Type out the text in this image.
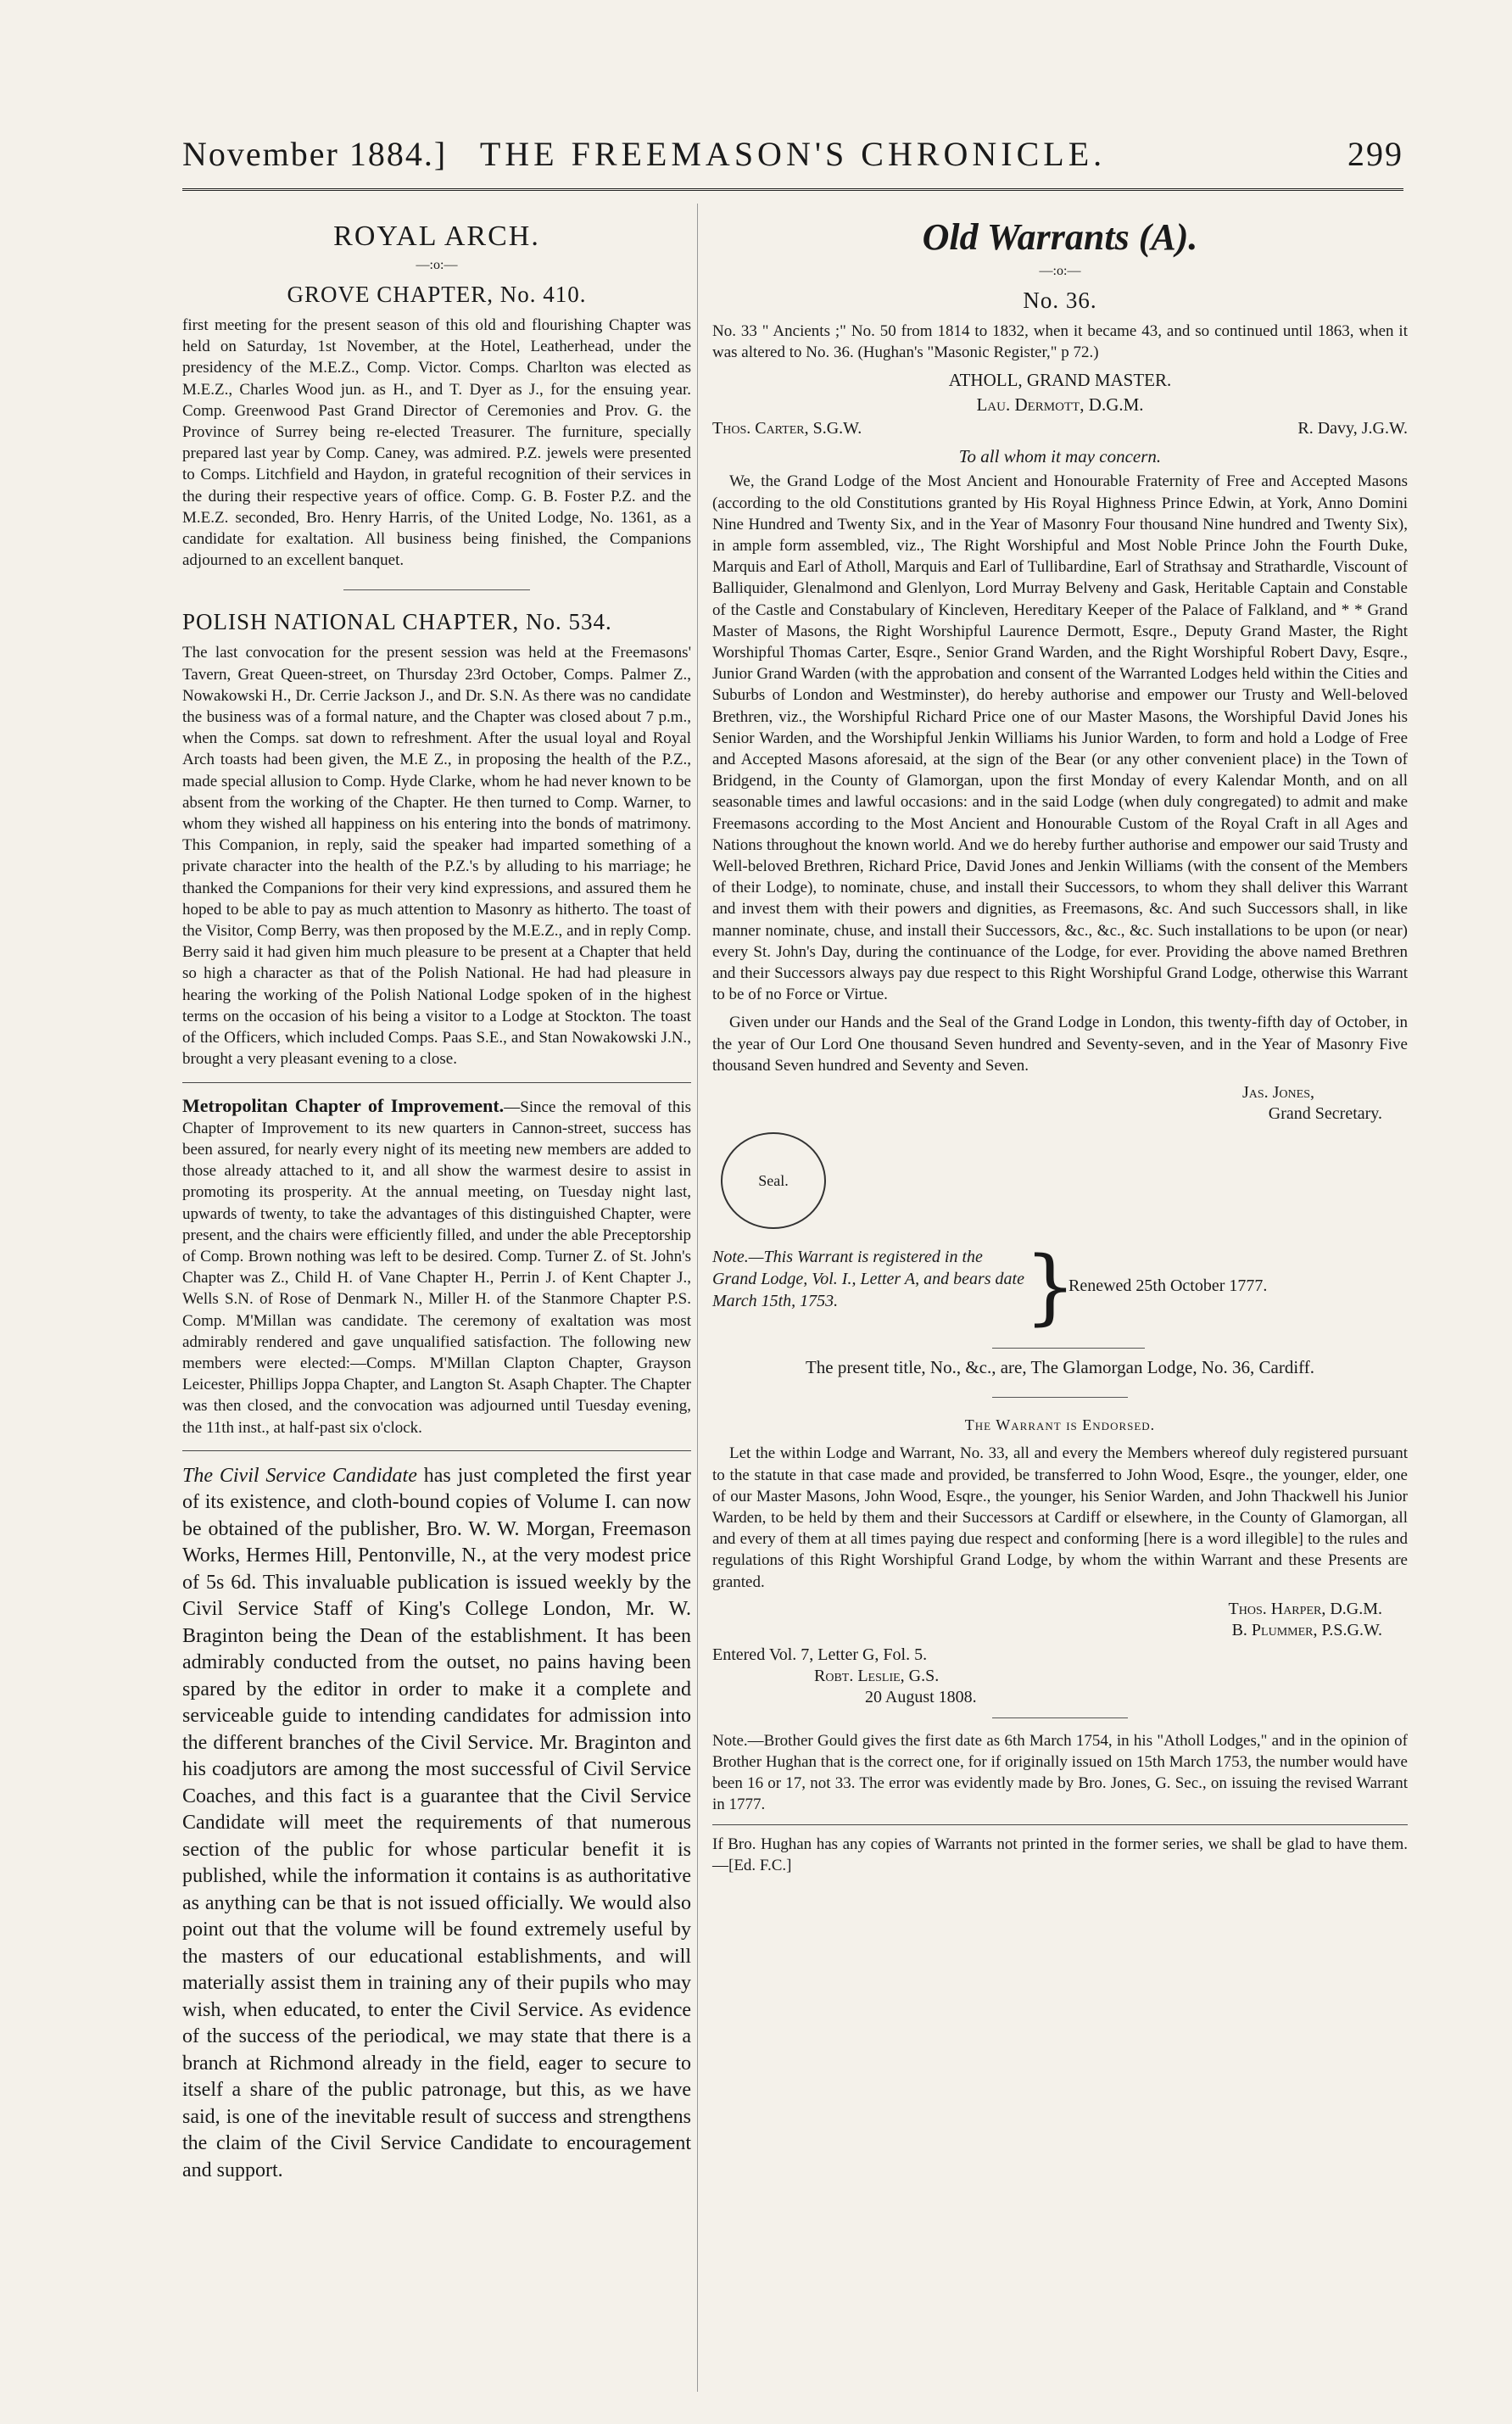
November 1884.] THE FREEMASON'S CHRONICLE.	299
ROYAL ARCH.
—:o:—
GROVE CHAPTER, No. 410.

first meeting for the present season of this old and flourishing Chapter was held on Saturday, 1st November, at the Hotel, Leatherhead, under the presidency of the M.E.Z., Comp. Victor. Comps. Charlton was elected as M.E.Z., Charles Wood jun. as H., and T. Dyer as J., for the ensuing year. Comp. Greenwood Past Grand Director of Ceremonies and Prov. G. the Province of Surrey being re-elected Treasurer. The furniture, specially prepared last year by Comp. Caney, was admired. P.Z. jewels were presented to Comps. Litchfield and Haydon, in grateful recognition of their services in the during their respective years of office. Comp. G. B. Foster P.Z. and the M.E.Z. seconded, Bro. Henry Harris, of the United Lodge, No. 1361, as a candidate for exaltation. All business being finished, the Companions adjourned to an excellent banquet.

POLISH NATIONAL CHAPTER, No. 534.

The last convocation for the present session was held at the Freemasons' Tavern, Great Queen-street, on Thursday 23rd October, Comps. Palmer Z., Nowakowski H., Dr. Cerrie Jackson J., and Dr. S.N. As there was no candidate the business was of a formal nature, and the Chapter was closed about 7 p.m., when the Comps. sat down to refreshment. After the usual loyal and Royal Arch toasts had been given, the M.E Z., in proposing the health of the P.Z., made special allusion to Comp. Hyde Clarke, whom he had never known to be absent from the working of the Chapter. He then turned to Comp. Warner, to whom they wished all happiness on his entering into the bonds of matrimony. This Companion, in reply, said the speaker had imparted something of a private character into the health of the P.Z.'s by alluding to his marriage; he thanked the Companions for their very kind expressions, and assured them he hoped to be able to pay as much attention to Masonry as hitherto. The toast of the Visitor, Comp Berry, was then proposed by the M.E.Z., and in reply Comp. Berry said it had given him much pleasure to be present at a Chapter that held so high a character as that of the Polish National. He had had pleasure in hearing the working of the Polish National Lodge spoken of in the highest terms on the occasion of his being a visitor to a Lodge at Stockton. The toast of the Officers, which included Comps. Paas S.E., and Stan Nowakowski J.N., brought a very pleasant evening to a close.

Metropolitan Chapter of Improvement.—Since the removal of this Chapter of Improvement to its new quarters in Cannon-street, success has been assured, for nearly every night of its meeting new members are added to those already attached to it, and all show the warmest desire to assist in promoting its prosperity. At the annual meeting, on Tuesday night last, upwards of twenty, to take the advantages of this distinguished Chapter, were present, and the chairs were efficiently filled, and under the able Preceptorship of Comp. Brown nothing was left to be desired. Comp. Turner Z. of St. John's Chapter was Z., Child H. of Vane Chapter H., Perrin J. of Kent Chapter J., Wells S.N. of Rose of Denmark N., Miller H. of the Stanmore Chapter P.S. Comp. M'Millan was candidate. The ceremony of exaltation was most admirably rendered and gave unqualified satisfaction. The following new members were elected:—Comps. M'Millan Clapton Chapter, Grayson Leicester, Phillips Joppa Chapter, and Langton St. Asaph Chapter. The Chapter was then closed, and the convocation was adjourned until Tuesday evening, the 11th inst., at half-past six o'clock.

The Civil Service Candidate has just completed the first year of its existence, and cloth-bound copies of Volume I. can now be obtained of the publisher, Bro. W. W. Morgan, Freemason Works, Hermes Hill, Pentonville, N., at the very modest price of 5s 6d. This invaluable publication is issued weekly by the Civil Service Staff of King's College London, Mr. W. Braginton being the Dean of the establishment. It has been admirably conducted from the outset, no pains having been spared by the editor in order to make it a complete and serviceable guide to intending candidates for admission into the different branches of the Civil Service. Mr. Braginton and his coadjutors are among the most successful of Civil Service Coaches, and this fact is a guarantee that the Civil Service Candidate will meet the requirements of that numerous section of the public for whose particular benefit it is published, while the information it contains is as authoritative as anything can be that is not issued officially. We would also point out that the volume will be found extremely useful by the masters of our educational establishments, and will materially assist them in training any of their pupils who may wish, when educated, to enter the Civil Service. As evidence of the success of the periodical, we may state that there is a branch at Richmond already in the field, eager to secure to itself a share of the public patronage, but this, as we have said, is one of the inevitable result of success and strengthens the claim of the Civil Service Candidate to encouragement and support.

Old Warrants (A).
—:o:—
No. 36.

No. 33 " Ancients ;" No. 50 from 1814 to 1832, when it became 43, and so continued until 1863, when it was altered to No. 36. (Hughan's "Masonic Register," p 72.)

ATHOLL, GRAND MASTER.
Lau. Dermott, D.G.M.
Thos. Carter, S.G.W.	R. Davy, J.G.W.
To all whom it may concern.

We, the Grand Lodge of the Most Ancient and Honourable Fraternity of Free and Accepted Masons (according to the old Constitutions granted by His Royal Highness Prince Edwin, at York, Anno Domini Nine Hundred and Twenty Six, and in the Year of Masonry Four thousand Nine hundred and Twenty Six), in ample form assembled, viz., The Right Worshipful and Most Noble Prince John the Fourth Duke, Marquis and Earl of Atholl, Marquis and Earl of Tullibardine, Earl of Strathsay and Strathardle, Viscount of Balliquider, Glenalmond and Glenlyon, Lord Murray Belveny and Gask, Heritable Captain and Constable of the Castle and Constabulary of Kincleven, Hereditary Keeper of the Palace of Falkland, and * * Grand Master of Masons, the Right Worshipful Laurence Dermott, Esqre., Deputy Grand Master, the Right Worshipful Thomas Carter, Esqre., Senior Grand Warden, and the Right Worshipful Robert Davy, Esqre., Junior Grand Warden (with the approbation and consent of the Warranted Lodges held within the Cities and Suburbs of London and Westminster), do hereby authorise and empower our Trusty and Well-beloved Brethren, viz., the Worshipful Richard Price one of our Master Masons, the Worshipful David Jones his Senior Warden, and the Worshipful Jenkin Williams his Junior Warden, to form and hold a Lodge of Free and Accepted Masons aforesaid, at the sign of the Bear (or any other convenient place) in the Town of Bridgend, in the County of Glamorgan, upon the first Monday of every Kalendar Month, and on all seasonable times and lawful occasions: and in the said Lodge (when duly congregated) to admit and make Freemasons according to the Most Ancient and Honourable Custom of the Royal Craft in all Ages and Nations throughout the known world. And we do hereby further authorise and empower our said Trusty and Well-beloved Brethren, Richard Price, David Jones and Jenkin Williams (with the consent of the Members of their Lodge), to nominate, chuse, and install their Successors, to whom they shall deliver this Warrant and invest them with their powers and dignities, as Freemasons, &c. And such Successors shall, in like manner nominate, chuse, and install their Successors, &c., &c., &c. Such installations to be upon (or near) every St. John's Day, during the continuance of the Lodge, for ever. Providing the above named Brethren and their Successors always pay due respect to this Right Worshipful Grand Lodge, otherwise this Warrant to be of no Force or Virtue.

Given under our Hands and the Seal of the Grand Lodge in London, this twenty-fifth day of October, in the year of Our Lord One thousand Seven hundred and Seventy-seven, and in the Year of Masonry Five thousand Seven hundred and Seventy and Seven.

Jas. Jones,
Grand Secretary.
Seal.
Note.—This Warrant is registered in the Grand Lodge, Vol. I., Letter A, and bears date March 15th, 1753.	}
Renewed 25th October 1777.

The present title, No., &c., are, The Glamorgan Lodge, No. 36, Cardiff.

The Warrant is Endorsed.

Let the within Lodge and Warrant, No. 33, all and every the Members whereof duly registered pursuant to the statute in that case made and provided, be transferred to John Wood, Esqre., the younger, elder, one of our Master Masons, John Wood, Esqre., the younger, his Senior Warden, and John Thackwell his Junior Warden, to be held by them and their Successors at Cardiff or elsewhere, in the County of Glamorgan, all and every of them at all times paying due respect and conforming [here is a word illegible] to the rules and regulations of this Right Worshipful Grand Lodge, by whom the within Warrant and these Presents are granted.

Thos. Harper, D.G.M.
B. Plummer, P.S.G.W.
Entered Vol. 7, Letter G, Fol. 5.
Robt. Leslie, G.S.
20 August 1808.

Note.—Brother Gould gives the first date as 6th March 1754, in his "Atholl Lodges," and in the opinion of Brother Hughan that is the correct one, for if originally issued on 15th March 1753, the number would have been 16 or 17, not 33. The error was evidently made by Bro. Jones, G. Sec., on issuing the revised Warrant in 1777.

If Bro. Hughan has any copies of Warrants not printed in the former series, we shall be glad to have them.—[Ed. F.C.]
